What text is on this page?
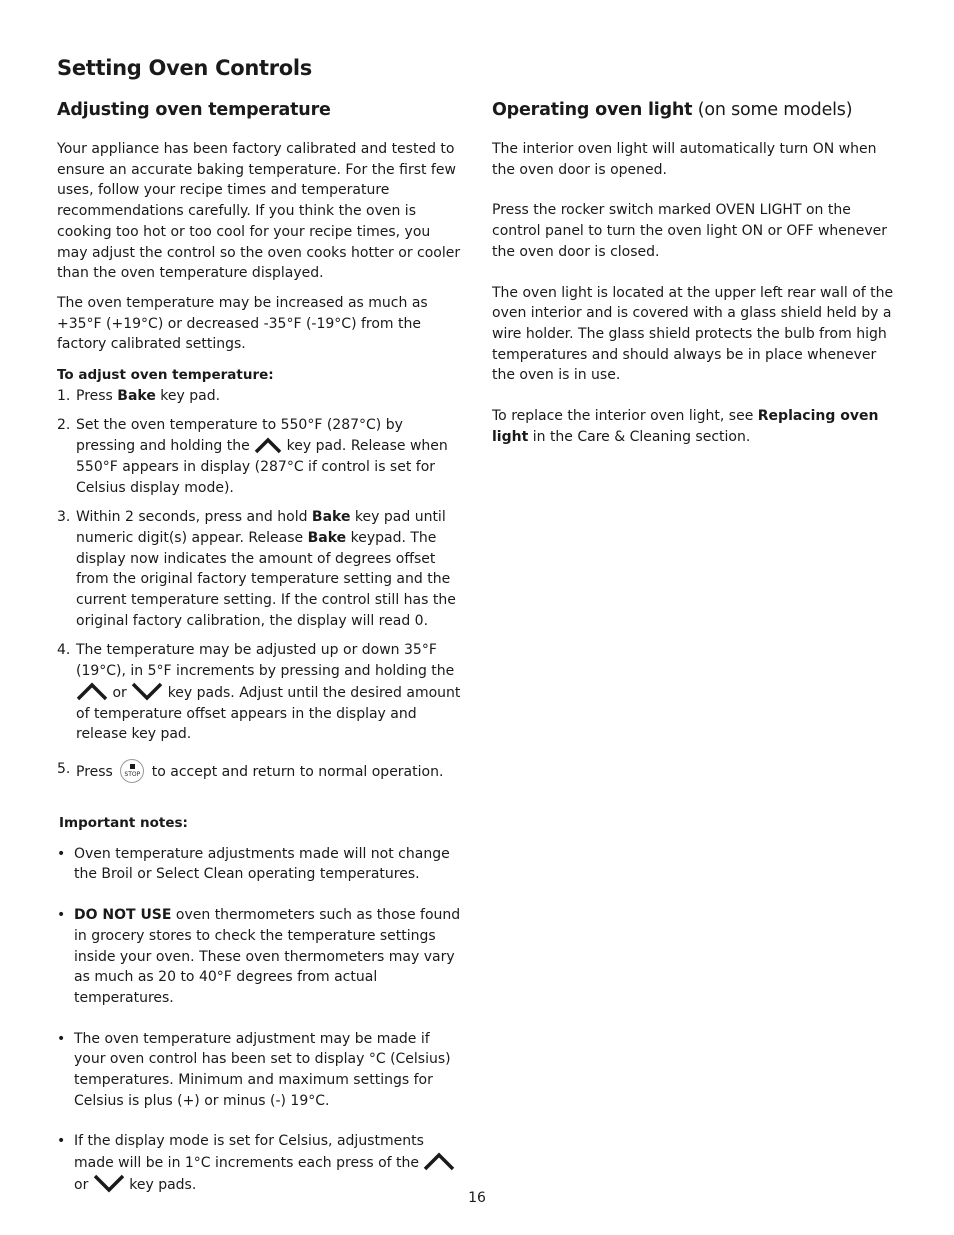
Setting Oven Controls
Adjusting oven temperature

Your appliance has been factory calibrated and tested to ensure an accurate baking temperature. For the first few uses, follow your recipe times and temperature recommendations carefully. If you think the oven is cooking too hot or too cool for your recipe times, you may adjust the control so the oven cooks hotter or cooler than the oven temperature displayed.

The oven temperature may be increased as much as +35°F (+19°C) or decreased -35°F (-19°C) from the factory calibrated settings.

To adjust oven temperature:
1. Press Bake key pad.
2. Set the oven temperature to 550°F (287°C) by pressing and holding the	key pad. Release when 550°F appears in display (287°C if control is set for Celsius display mode).
3. Within 2 seconds, press and hold Bake key pad until numeric digit(s) appear. Release Bake keypad. The display now indicates the amount of degrees offset from the original factory temperature setting and the current temperature setting. If the control still has the original factory calibration, the display will read 0.
4. The temperature may be adjusted up or down 35°F (19°C), in 5°F increments by pressing and holding the
or	key pads. Adjust until the desired amount of temperature offset appears in the display and release key pad.
5. Press	STOP to accept and return to normal operation.
Important notes:
• Oven temperature adjustments made will not change the Broil or Select Clean operating temperatures.
• DO NOT USE oven thermometers such as those found in grocery stores to check the temperature settings inside your oven. These oven thermometers may vary as much as 20 to 40°F degrees from actual temperatures.
• The oven temperature adjustment may be made if your oven control has been set to display °C (Celsius) temperatures. Minimum and maximum settings for Celsius is plus (+) or minus (-) 19°C.
• If the display mode is set for Celsius, adjustments made will be in 1°C increments each press of the
or	key pads.
Operating oven light (on some models)

The interior oven light will automatically turn ON when the oven door is opened.

Press the rocker switch marked OVEN LIGHT on the control panel to turn the oven light ON or OFF whenever the oven door is closed.

The oven light is located at the upper left rear wall of the oven interior and is covered with a glass shield held by a wire holder. The glass shield protects the bulb from high temperatures and should always be in place whenever the oven is in use.

To replace the interior oven light, see Replacing oven light in the Care & Cleaning section.

16
